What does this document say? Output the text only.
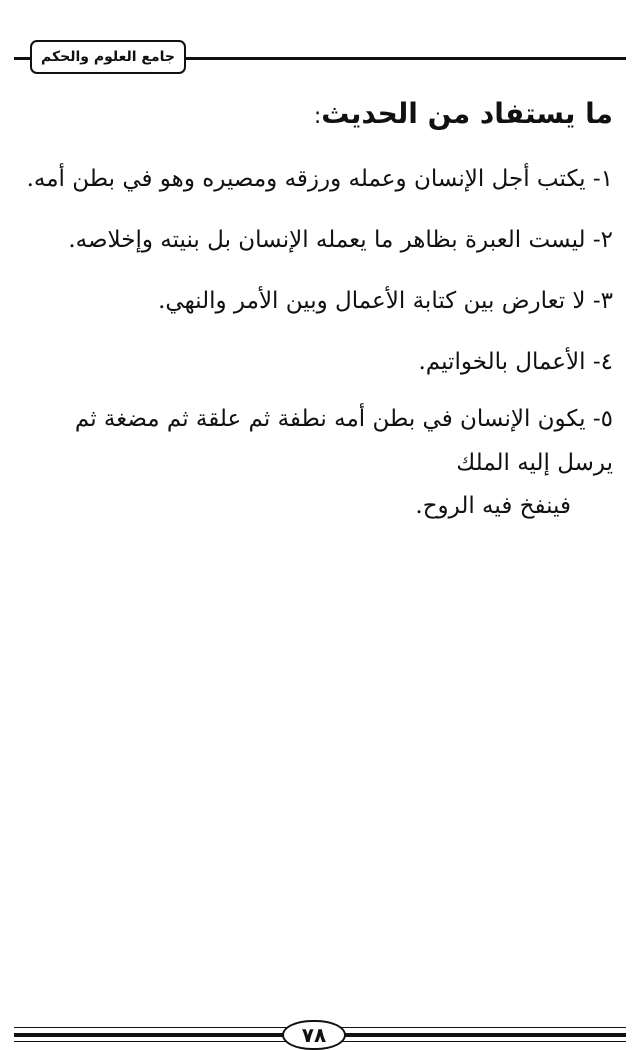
جامع العلوم والحكم
ما يستفاد من الحديث:
١- يكتب أجل الإنسان وعمله ورزقه ومصيره وهو في بطن أمه.
٢- ليست العبرة بظاهر ما يعمله الإنسان بل بنيته وإخلاصه.
٣- لا تعارض بين كتابة الأعمال وبين الأمر والنهي.
٤- الأعمال بالخواتيم.
٥- يكون الإنسان في بطن أمه نطفة ثم علقة ثم مضغة ثم يرسل إليه الملك
فينفخ فيه الروح.
٧٨
